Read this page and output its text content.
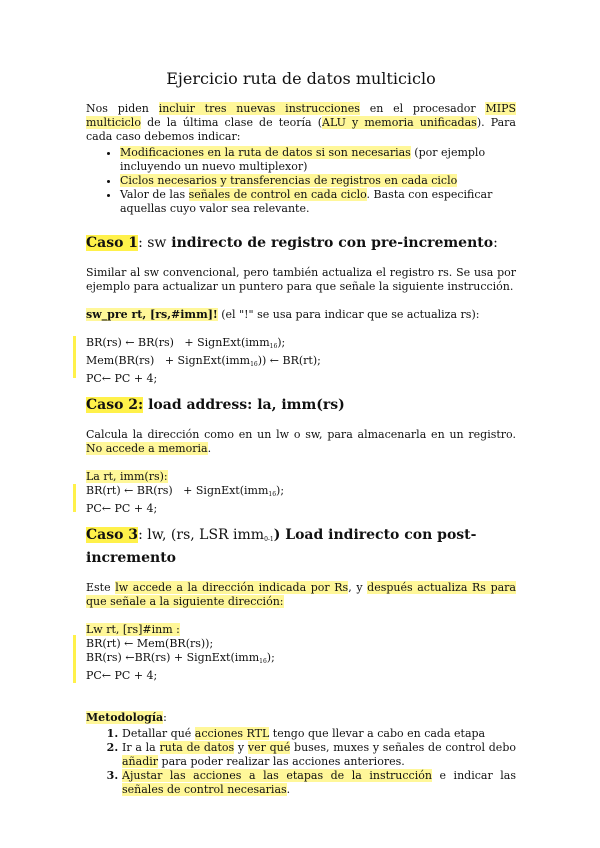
Ejercicio ruta de datos multiciclo

Nos piden incluir tres nuevas instrucciones en el procesador MIPS multiciclo de la última clase de teoría (ALU y memoria unificadas). Para cada caso debemos indicar:

• Modificaciones en la ruta de datos si son necesarias (por ejemplo incluyendo un nuevo multiplexor)
• Ciclos necesarios y transferencias de registros en cada ciclo
• Valor de las señales de control en cada ciclo. Basta con especificar aquellas cuyo valor sea relevante.
Caso 1: sw indirecto de registro con pre-incremento:

Similar al sw convencional, pero también actualiza el registro rs. Se usa por ejemplo para actualizar un puntero para que señale la siguiente instrucción.

sw_pre rt, [rs,#imm]! (el "!" se usa para indicar que se actualiza rs):

BR(rs) ← BR(rs)   + SignExt(imm$_{16}$);
Mem(BR(rs)   + SignExt(imm$_{16}$)) ← BR(rt);
PC← PC + 4;
Caso 2: load address: la, imm(rs)

Calcula la dirección como en un lw o sw, para almacenarla en un registro. No accede a memoria.

La rt, imm(rs):

BR(rt) ← BR(rs)   + SignExt(imm$_{16}$);
PC← PC + 4;
Caso 3: lw, (rs, LSR imm$_{0-1}$) Load indirecto con post-incremento

Este lw accede a la dirección indicada por Rs, y después actualiza Rs para que señale a la siguiente dirección:

Lw rt, [rs]#inm :

BR(rt) ← Mem(BR(rs));
BR(rs) ←BR(rs) + SignExt(imm$_{16}$);
PC← PC + 4;

Metodología:

1. Detallar qué acciones RTL tengo que llevar a cabo en cada etapa
2. Ir a la ruta de datos y ver qué buses, muxes y señales de control debo añadir para poder realizar las acciones anteriores.
3. Ajustar las acciones a las etapas de la instrucción e indicar las señales de control necesarias.
